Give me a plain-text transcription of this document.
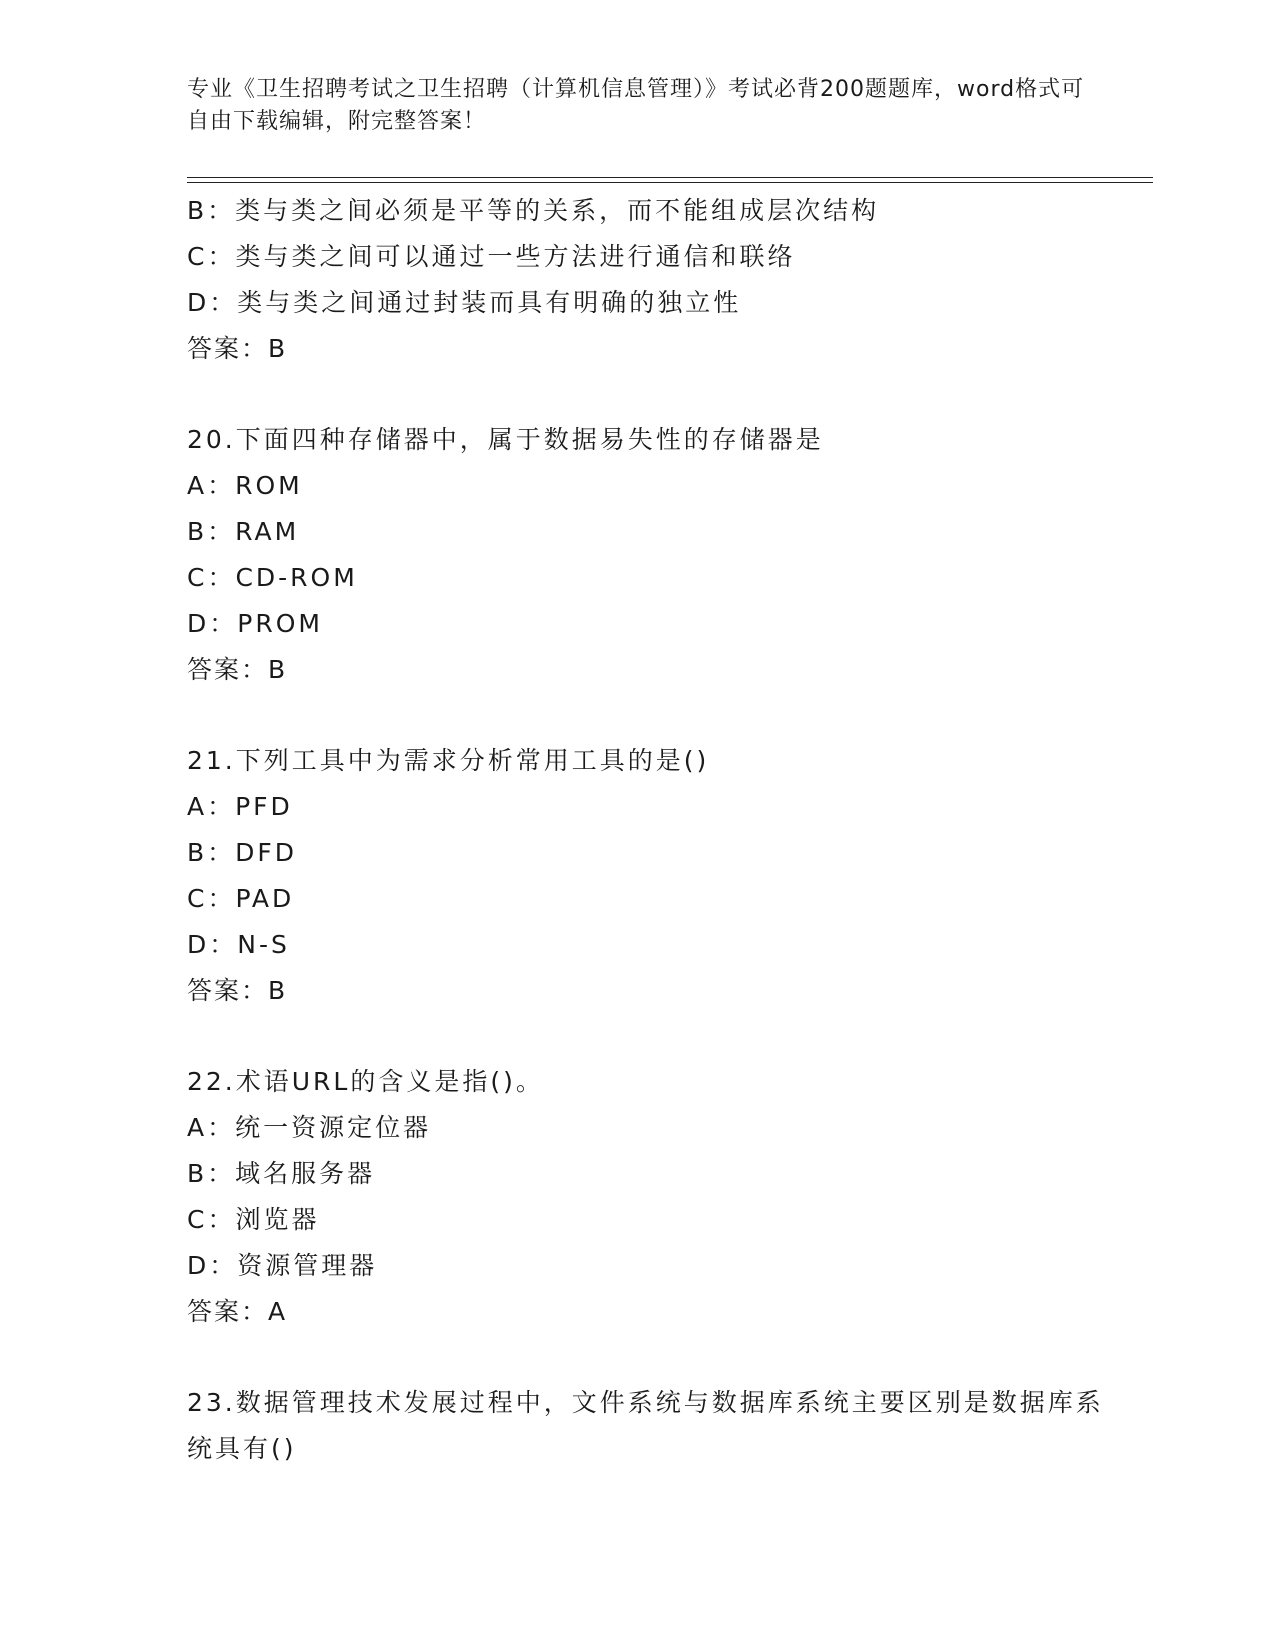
专业《卫生招聘考试之卫生招聘（计算机信息管理）》考试必背200题题库，word格式可自由下载编辑，附完整答案！
B：类与类之间必须是平等的关系，而不能组成层次结构
C：类与类之间可以通过一些方法进行通信和联络
D：类与类之间通过封装而具有明确的独立性
答案：B
20.下面四种存储器中，属于数据易失性的存储器是
A：ROM
B：RAM
C：CD-ROM
D：PROM
答案：B
21.下列工具中为需求分析常用工具的是()
A：PFD
B：DFD
C：PAD
D：N-S
答案：B
22.术语URL的含义是指()。
A：统一资源定位器
B：域名服务器
C：浏览器
D：资源管理器
答案：A
23.数据管理技术发展过程中，文件系统与数据库系统主要区别是数据库系统具有()
